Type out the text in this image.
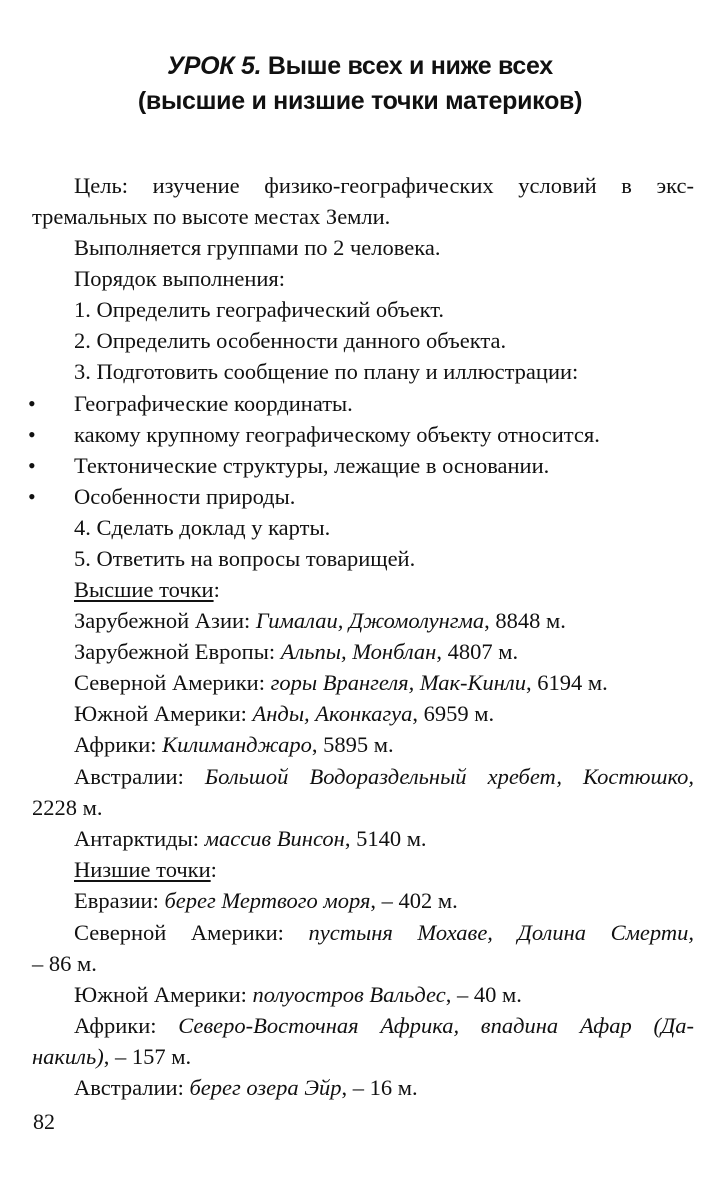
УРОК 5. Выше всех и ниже всех
(высшие и низшие точки материков)
Цель: изучение физико-географических условий в экс-
тремальных по высоте местах Земли.
Выполняется группами по 2 человека.
Порядок выполнения:
1. Определить географический объект.
2. Определить особенности данного объекта.
3. Подготовить сообщение по плану и иллюстрации:
• Географические координаты.
• какому крупному географическому объекту относится.
• Тектонические структуры, лежащие в основании.
• Особенности природы.
4. Сделать доклад у карты.
5. Ответить на вопросы товарищей.
Высшие точки:
Зарубежной Азии: Гималаи, Джомолунгма, 8848 м.
Зарубежной Европы: Альпы, Монблан, 4807 м.
Северной Америки: горы Врангеля, Мак-Кинли, 6194 м.
Южной Америки: Анды, Аконкагуа, 6959 м.
Африки: Килиманджаро, 5895 м.
Австралии: Большой Водораздельный хребет, Костюшко,
2228 м.
Антарктиды: массив Винсон, 5140 м.
Низшие точки:
Евразии: берег Мертвого моря, – 402 м.
Северной Америки: пустыня Мохаве, Долина Смерти,
– 86 м.
Южной Америки: полуостров Вальдес, – 40 м.
Африки: Северо-Восточная Африка, впадина Афар (Да-
накиль), – 157 м.
Австралии: берег озера Эйр, – 16 м.
82
